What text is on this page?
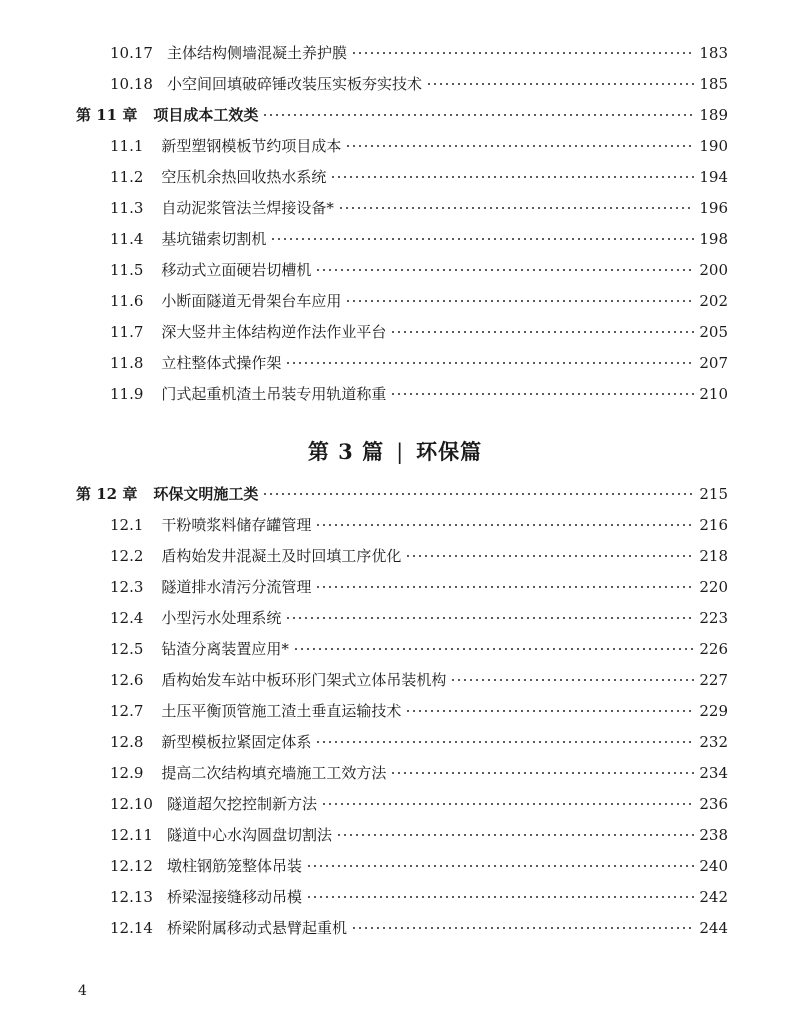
10.17 主体结构侧墙混凝土养护膜	183
10.18 小空间回填破碎锤改装压实板夯实技术	185
第 11 章 项目成本工效类	189
11.1 新型塑钢模板节约项目成本	190
11.2 空压机余热回收热水系统	194
11.3 自动泥浆管法兰焊接设备*	196
11.4 基坑锚索切割机	198
11.5 移动式立面硬岩切槽机	200
11.6 小断面隧道无骨架台车应用	202
11.7 深大竖井主体结构逆作法作业平台	205
11.8 立柱整体式操作架	207
11.9 门式起重机渣土吊装专用轨道称重	210
第 3 篇 | 环保篇
第 12 章 环保文明施工类	215
12.1 干粉喷浆料储存罐管理	216
12.2 盾构始发井混凝土及时回填工序优化	218
12.3 隧道排水清污分流管理	220
12.4 小型污水处理系统	223
12.5 钻渣分离装置应用*	226
12.6 盾构始发车站中板环形门架式立体吊装机构	227
12.7 土压平衡顶管施工渣土垂直运输技术	229
12.8 新型模板拉紧固定体系	232
12.9 提高二次结构填充墙施工工效方法	234
12.10 隧道超欠挖控制新方法	236
12.11 隧道中心水沟圆盘切割法	238
12.12 墩柱钢筋笼整体吊装	240
12.13 桥梁湿接缝移动吊模	242
12.14 桥梁附属移动式悬臂起重机	244
4
